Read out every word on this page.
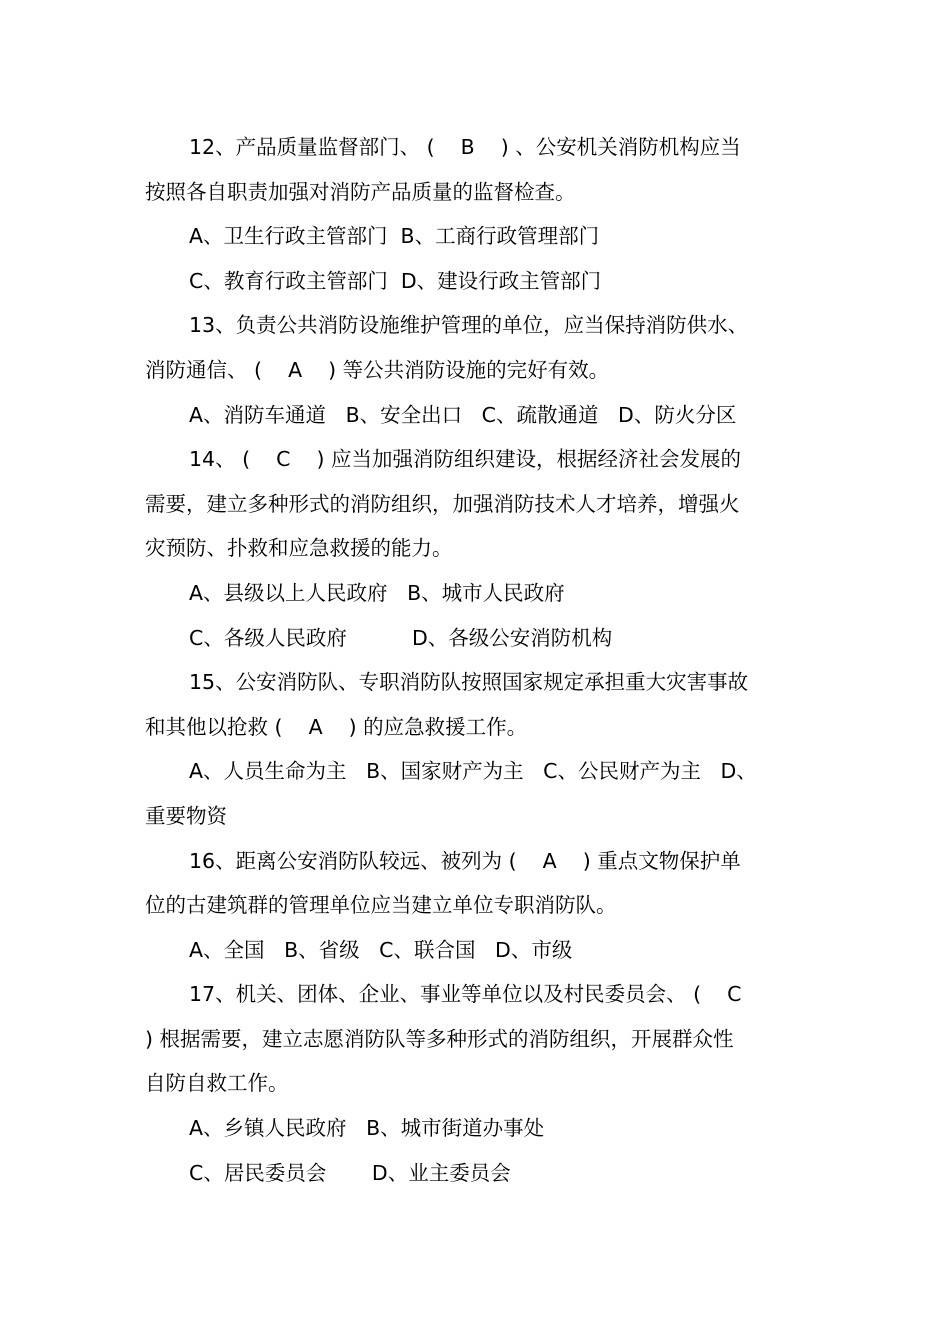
12、产品质量监督部门、 (    B    ) 、公安机关消防机构应当
按照各自职责加强对消防产品质量的监督检查。
A、卫生行政主管部门  B、工商行政管理部门
C、教育行政主管部门  D、建设行政主管部门
13、负责公共消防设施维护管理的单位，应当保持消防供水、
消防通信、 (    A    ) 等公共消防设施的完好有效。
A、消防车通道   B、安全出口   C、疏散通道   D、防火分区
14、 (    C    ) 应当加强消防组织建设，根据经济社会发展的
需要，建立多种形式的消防组织，加强消防技术人才培养，增强火
灾预防、扑救和应急救援的能力。
A、县级以上人民政府   B、城市人民政府
C、各级人民政府          D、各级公安消防机构
15、公安消防队、专职消防队按照国家规定承担重大灾害事故
和其他以抢救 (    A    ) 的应急救援工作。
A、人员生命为主   B、国家财产为主   C、公民财产为主   D、
重要物资
16、距离公安消防队较远、被列为 (    A    ) 重点文物保护单
位的古建筑群的管理单位应当建立单位专职消防队。
A、全国   B、省级   C、联合国   D、市级
17、机关、团体、企业、事业等单位以及村民委员会、 (    C
) 根据需要，建立志愿消防队等多种形式的消防组织，开展群众性
自防自救工作。
A、乡镇人民政府   B、城市街道办事处
C、居民委员会       D、业主委员会
